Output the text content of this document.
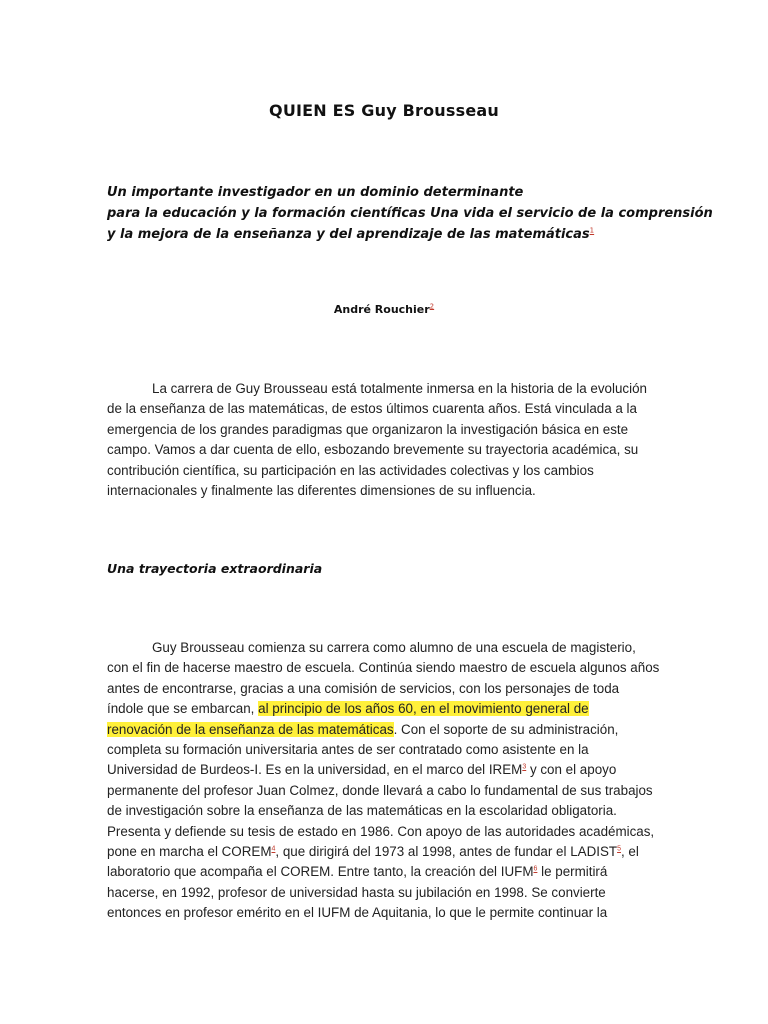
QUIEN ES Guy Brousseau
Un importante investigador en un dominio determinante
para la educación y la formación científicas Una vida el servicio de la comprensión
y la mejora de la enseñanza y del aprendizaje de las matemáticas$^1$
André Rouchier$^2$
La carrera de Guy Brousseau está totalmente inmersa en la historia de la evolución
de la enseñanza de las matemáticas, de estos últimos cuarenta años. Está vinculada a la
emergencia de los grandes paradigmas que organizaron la investigación básica en este
campo. Vamos a dar cuenta de ello, esbozando brevemente su trayectoria académica, su
contribución científica, su participación en las actividades colectivas y los cambios
internacionales y finalmente las diferentes dimensiones de su influencia.
Una trayectoria extraordinaria
Guy Brousseau comienza su carrera como alumno de una escuela de magisterio,
con el fin de hacerse maestro de escuela. Continúa siendo maestro de escuela algunos años
antes de encontrarse, gracias a una comisión de servicios, con los personajes de toda
índole que se embarcan, al principio de los años 60, en el movimiento general de
renovación de la enseñanza de las matemáticas. Con el soporte de su administración,
completa su formación universitaria antes de ser contratado como asistente en la
Universidad de Burdeos-I. Es en la universidad, en el marco del IREM$^3$ y con el apoyo
permanente del profesor Juan Colmez, donde llevará a cabo lo fundamental de sus trabajos
de investigación sobre la enseñanza de las matemáticas en la escolaridad obligatoria.
Presenta y defiende su tesis de estado en 1986. Con apoyo de las autoridades académicas,
pone en marcha el COREM$^4$, que dirigirá del 1973 al 1998, antes de fundar el LADIST$^5$, el
laboratorio que acompaña el COREM. Entre tanto, la creación del IUFM$^6$ le permitirá
hacerse, en 1992, profesor de universidad hasta su jubilación en 1998. Se convierte
entonces en profesor emérito en el IUFM de Aquitania, lo que le permite continuar la
